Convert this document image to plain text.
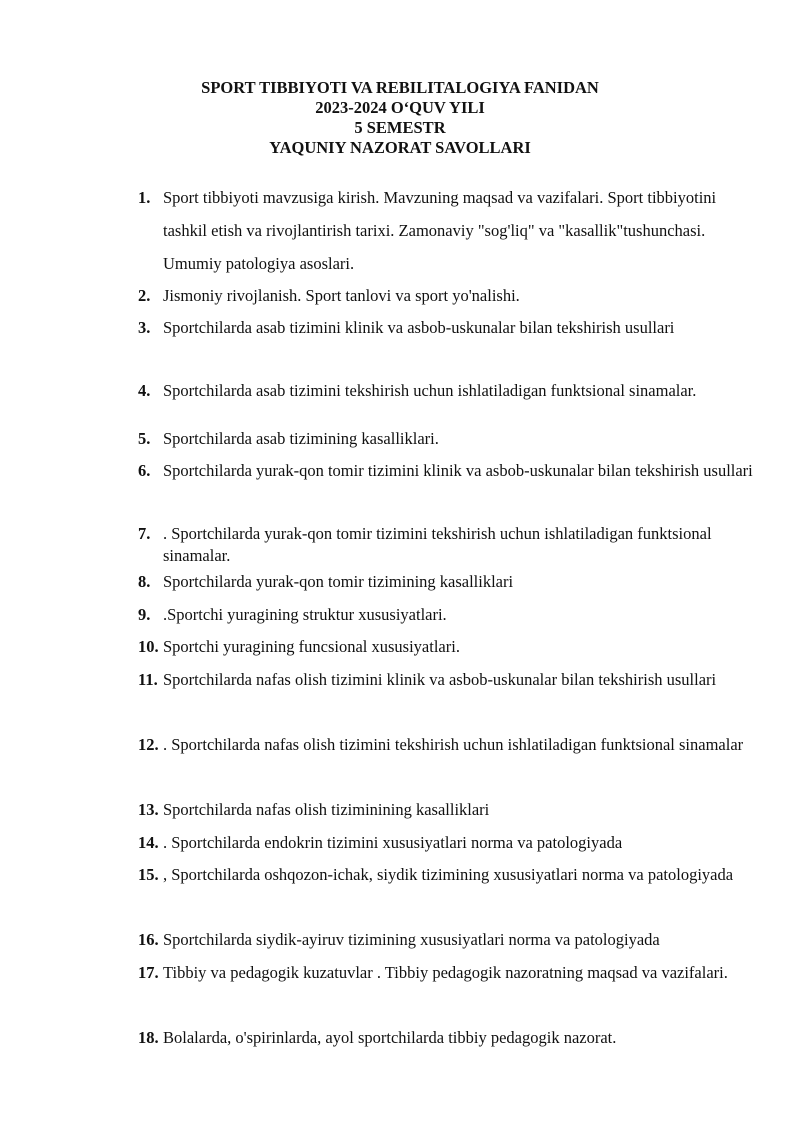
SPORT TIBBIYOTI VA REBILITALOGIYA FANIDAN
2023-2024 O‘QUV YILI
5 SEMESTR
YAQUNIY NAZORAT SAVOLLARI
1. Sport tibbiyoti mavzusiga kirish. Mavzuning maqsad va vazifalari. Sport tibbiyotini tashkil etish va rivojlantirish tarixi. Zamonaviy "sog'liq" va "kasallik"tushunchasi. Umumiy patologiya asoslari.
2. Jismoniy rivojlanish. Sport tanlovi va sport yo'nalishi.
3. Sportchilarda asab tizimini klinik va asbob-uskunalar bilan tekshirish usullari
4. Sportchilarda asab tizimini tekshirish uchun ishlatiladigan funktsional sinamalar.
5. Sportchilarda asab tizimining kasalliklari.
6. Sportchilarda yurak-qon tomir tizimini klinik va asbob-uskunalar bilan tekshirish usullari
7. . Sportchilarda yurak-qon tomir tizimini tekshirish uchun ishlatiladigan funktsional sinamalar.
8. Sportchilarda yurak-qon tomir tizimining kasalliklari
9. .Sportchi yuragining struktur xususiyatlari.
10. Sportchi yuragining funcsional xususiyatlari.
11. Sportchilarda nafas olish tizimini klinik va asbob-uskunalar bilan tekshirish usullari
12. . Sportchilarda nafas olish tizimini tekshirish uchun ishlatiladigan funktsional sinamalar
13. Sportchilarda nafas olish tiziminining kasalliklari
14. . Sportchilarda endokrin tizimini xususiyatlari norma va patologiyada
15. , Sportchilarda oshqozon-ichak, siydik tizimining xususiyatlari norma va patologiyada
16. Sportchilarda siydik-ayiruv tizimining xususiyatlari norma va patologiyada
17. Tibbiy va pedagogik kuzatuvlar . Tibbiy pedagogik nazoratning maqsad va vazifalari.
18. Bolalarda, o'spirinlarda, ayol sportchilarda tibbiy pedagogik nazorat.
